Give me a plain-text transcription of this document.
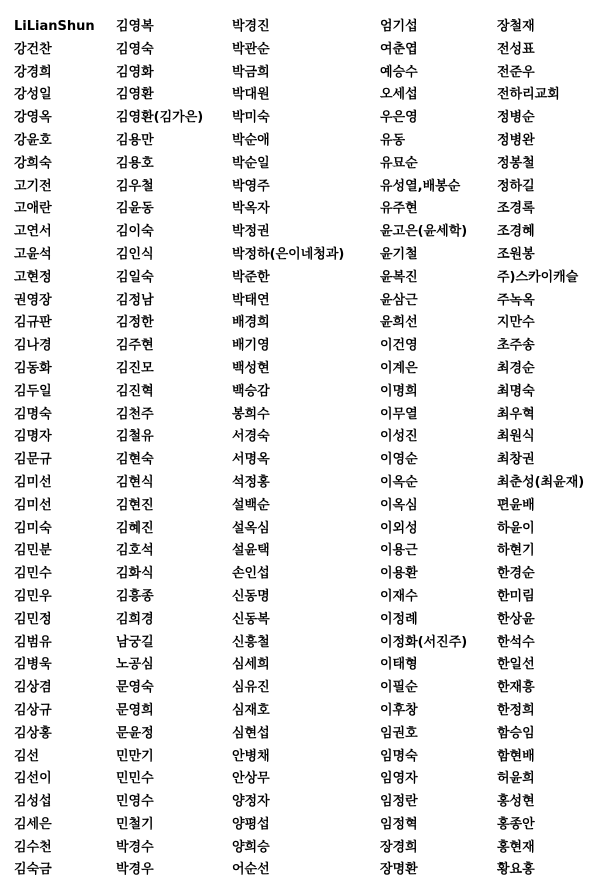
LiLianShun
강건찬
강경희
강성일
강영옥
강윤호
강희숙
고기전
고애란
고연서
고윤석
고현정
권영장
김규판
김나경
김동화
김두일
김명숙
김명자
김문규
김미선
김미선
김미숙
김민분
김민수
김민우
김민정
김범유
김병욱
김상겸
김상규
김상홍
김선
김선이
김성섭
김세은
김수천
김숙금
김영복
김영숙
김영화
김영환
김영환(김가은)
김용만
김용호
김우철
김윤동
김이숙
김인식
김일숙
김정남
김정한
김주현
김진모
김진혁
김천주
김철유
김현숙
김현식
김현진
김혜진
김호석
김화식
김흥종
김희경
남궁길
노공심
문영숙
문영희
문윤정
민만기
민민수
민영수
민철기
박경수
박경우
박경진
박관순
박금희
박대원
박미숙
박순애
박순일
박영주
박옥자
박정권
박정하(은이네청과)
박준한
박태연
배경희
배기영
백성현
백승감
봉희수
서경숙
서명옥
석정홍
설백순
설옥심
설윤택
손인섭
신동명
신동복
신흥철
심세희
심유진
심재호
심현섭
안병채
안상무
양정자
양평섭
양희승
어순선
엄기섭
여춘엽
예승수
오세섭
우은영
유동
유묘순
유성열,배봉순
유주현
윤고은(윤세학)
윤기철
윤복진
윤삼근
윤희선
이건영
이계은
이명희
이무열
이성진
이영순
이옥순
이옥심
이외성
이용근
이용환
이재수
이정례
이정화(서진주)
이태형
이필순
이후창
임권호
임명숙
임영자
임정란
임정혁
장경희
장명환
장철재
전성표
전준우
전하리교회
정병순
정병완
정봉철
정하길
조경록
조경혜
조원봉
주)스카이캐슬
주녹옥
지만수
초주송
최경순
최명숙
최우혁
최원식
최창권
최춘성(최윤재)
편윤배
하윤이
하현기
한경순
한미림
한상윤
한석수
한일선
한재흥
한정희
함승임
함현배
허윤희
홍성현
홍종안
홍현재
황요홍
